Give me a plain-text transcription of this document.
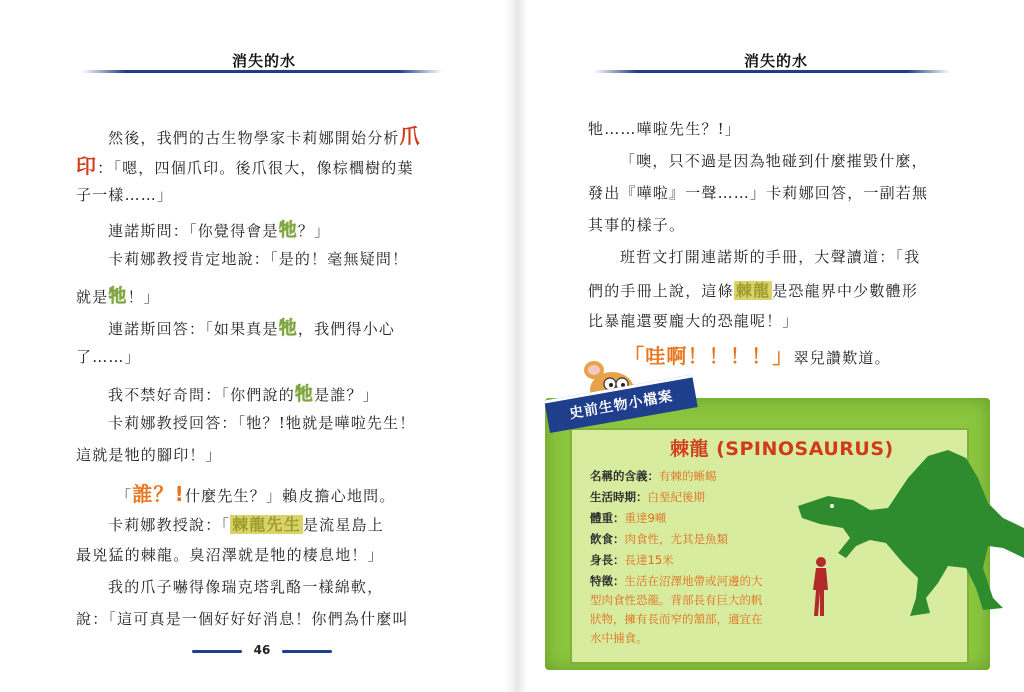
消失的水
然後，我們的古生物學家卡莉娜開始分析爪
印：「嗯，四個爪印。後爪很大，像棕櫚樹的葉
子一樣……」
連諾斯問：「你覺得會是牠？」
卡莉娜教授肯定地說：「是的！毫無疑問！
就是牠！」
連諾斯回答：「如果真是牠，我們得小心
了……」
我不禁好奇問：「你們說的牠是誰？」
卡莉娜教授回答：「牠？!牠就是嘩啦先生！
這就是牠的腳印！」
「誰？!什麼先生？」賴皮擔心地問。
卡莉娜教授說：「 棘龍先生 是流星島上
最兇猛的棘龍。臭沼澤就是牠的棲息地！」
我的爪子嚇得像瑞克塔乳酪一樣綿軟，
說：「這可真是一個好好好消息！你們為什麼叫
46
消失的水
牠……嘩啦先生？!」
「噢，只不過是因為牠碰到什麼摧毀什麼，
發出『嘩啦』一聲……」卡莉娜回答，一副若無
其事的樣子。
班哲文打開連諾斯的手冊，大聲讀道：「我
們的手冊上說，這條 棘龍 是恐龍界中少數體形
比暴龍還要龐大的恐龍呢！」
「哇啊！！！！」翠兒讚歎道。
史前生物小檔案
棘龍 (SPINOSAURUS)
名稱的含義：有棘的蜥蜴
生活時期：白堊紀後期
體重：重達9噸
飲食：肉食性，尤其是魚類
身長：長達15米
特徵：生活在沼澤地帶或河邊的大
型肉食性恐龍。背部長有巨大的帆
狀物，擁有長而窄的頷部，適宜在
水中捕食。
